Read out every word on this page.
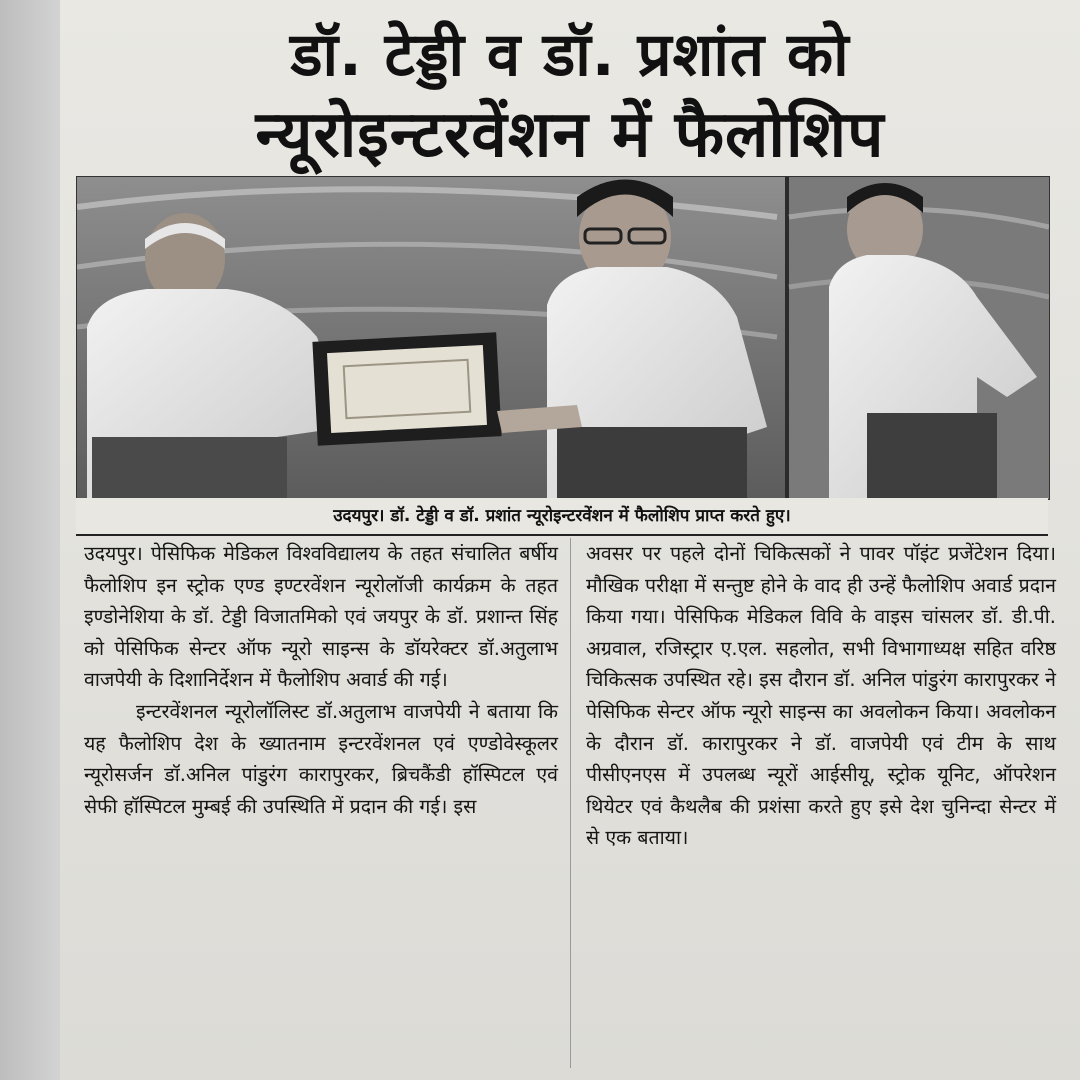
डॉ. टेड्डी व डॉ. प्रशांत को
न्यूरोइन्टरवेंशन में फैलोशिप
उदयपुर। डॉ. टेड्डी व डॉ. प्रशांत न्यूरोइन्टरवेंशन में फैलोशिप प्राप्त करते हुए।

उदयपुर। पेसिफिक मेडिकल विश्वविद्यालय के तहत संचालित बर्षीय फैलोशिप इन स्ट्रोक एण्ड इण्टरवेंशन न्यूरोलॉजी कार्यक्रम के तहत इण्डोनेशिया के डॉ. टेड्डी विजातमिको एवं जयपुर के डॉ. प्रशान्त सिंह को पेसिफिक सेन्टर ऑफ न्यूरो साइन्स के डॉयरेक्टर डॉ.अतुलाभ वाजपेयी के दिशानिर्देशन में फैलोशिप अवार्ड की गई।

इन्टरवेंशनल न्यूरोलॉलिस्ट डॉ.अतुलाभ वाजपेयी ने बताया कि यह फैलोशिप देश के ख्यातनाम इन्टरवेंशनल एवं एण्डोवेस्कूलर न्यूरोसर्जन डॉ.अनिल पांडुरंग कारापुरकर, ब्रिचकैंडी हॉस्पिटल एवं सेफी हॉस्पिटल मुम्बई की उपस्थिति में प्रदान की गई। इस

अवसर पर पहले दोनों चिकित्सकों ने पावर पॉइंट प्रजेंटेशन दिया। मौखिक परीक्षा में सन्तुष्ट होने के वाद ही उन्हें फैलोशिप अवार्ड प्रदान किया गया। पेसिफिक मेडिकल विवि के वाइस चांसलर डॉ. डी.पी. अग्रवाल, रजिस्ट्रार ए.एल. सहलोत, सभी विभागाध्यक्ष सहित वरिष्ठ चिकित्सक उपस्थित रहे। इस दौरान डॉ. अनिल पांडुरंग कारापुरकर ने पेसिफिक सेन्टर ऑफ न्यूरो साइन्स का अवलोकन किया। अवलोकन के दौरान डॉ. कारापुरकर ने डॉ. वाजपेयी एवं टीम के साथ पीसीएनएस में उपलब्ध न्यूरों आईसीयू, स्ट्रोक यूनिट, ऑपरेशन थियेटर एवं कैथलैब की प्रशंसा करते हुए इसे देश चुनिन्दा सेन्टर में से एक बताया।
